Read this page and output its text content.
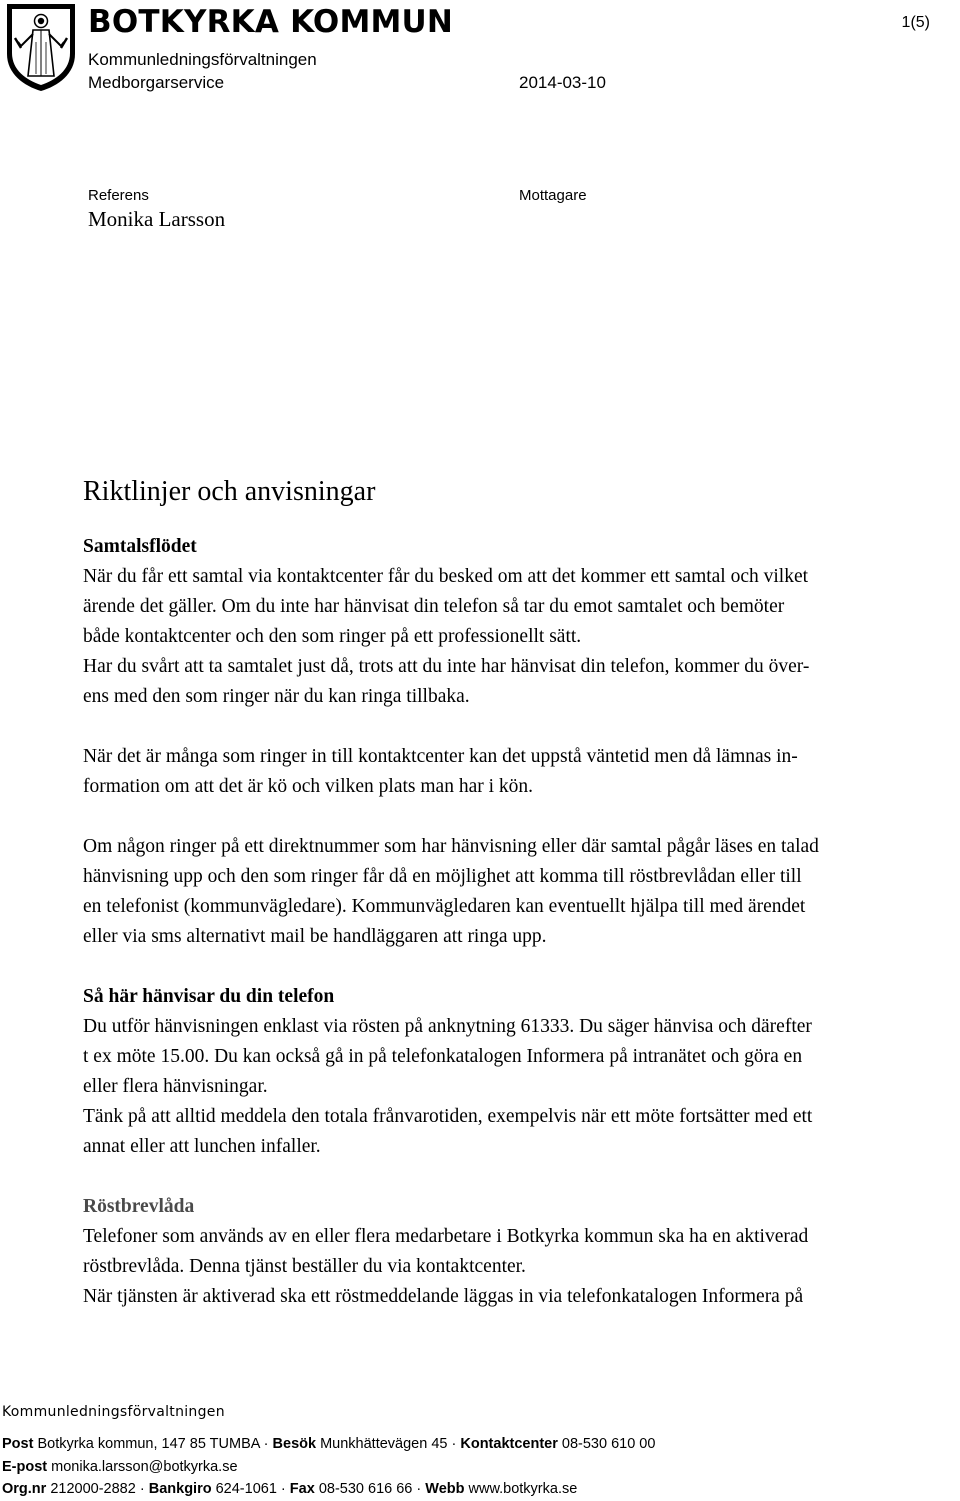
BOTKYRKA KOMMUN
Kommunledningsförvaltningen
Medborgarservice	2014-03-10
1(5)
Referens
Monika Larsson
Mottagare
Riktlinjer och anvisningar
Samtalsflödet
När du får ett samtal via kontaktcenter får du besked om att det kommer ett samtal och vilket
ärende det gäller. Om du inte har hänvisat din telefon så tar du emot samtalet och bemöter
både kontaktcenter och den som ringer på ett professionellt sätt.
Har du svårt att ta samtalet just då, trots att du inte har hänvisat din telefon, kommer du över-
ens med den som ringer när du kan ringa tillbaka.
När det är många som ringer in till kontaktcenter kan det uppstå väntetid men då lämnas in-
formation om att det är kö och vilken plats man har i kön.
Om någon ringer på ett direktnummer som har hänvisning eller där samtal pågår läses en talad
hänvisning upp och den som ringer får då en möjlighet att komma till röstbrevlådan eller till
en telefonist (kommunvägledare). Kommunvägledaren kan eventuellt hjälpa till med ärendet
eller via sms alternativt mail be handläggaren att ringa upp.
Så här hänvisar du din telefon
Du utför hänvisningen enklast via rösten på anknytning 61333. Du säger hänvisa och därefter
t ex möte 15.00. Du kan också gå in på telefonkatalogen Informera på intranätet och göra en
eller flera hänvisningar.
Tänk på att alltid meddela den totala frånvarotiden, exempelvis när ett möte fortsätter med ett
annat eller att lunchen infaller.
Röstbrevlåda
Telefoner som används av en eller flera medarbetare i Botkyrka kommun ska ha en aktiverad
röstbrevlåda. Denna tjänst beställer du via kontaktcenter.
När tjänsten är aktiverad ska ett röstmeddelande läggas in via telefonkatalogen Informera på
Kommunledningsförvaltningen
Post Botkyrka kommun, 147 85 TUMBA · Besök Munkhättevägen 45 · Kontaktcenter 08-530 610 00
E-post monika.larsson@botkyrka.se
Org.nr 212000-2882 · Bankgiro 624-1061 · Fax 08-530 616 66 · Webb www.botkyrka.se
